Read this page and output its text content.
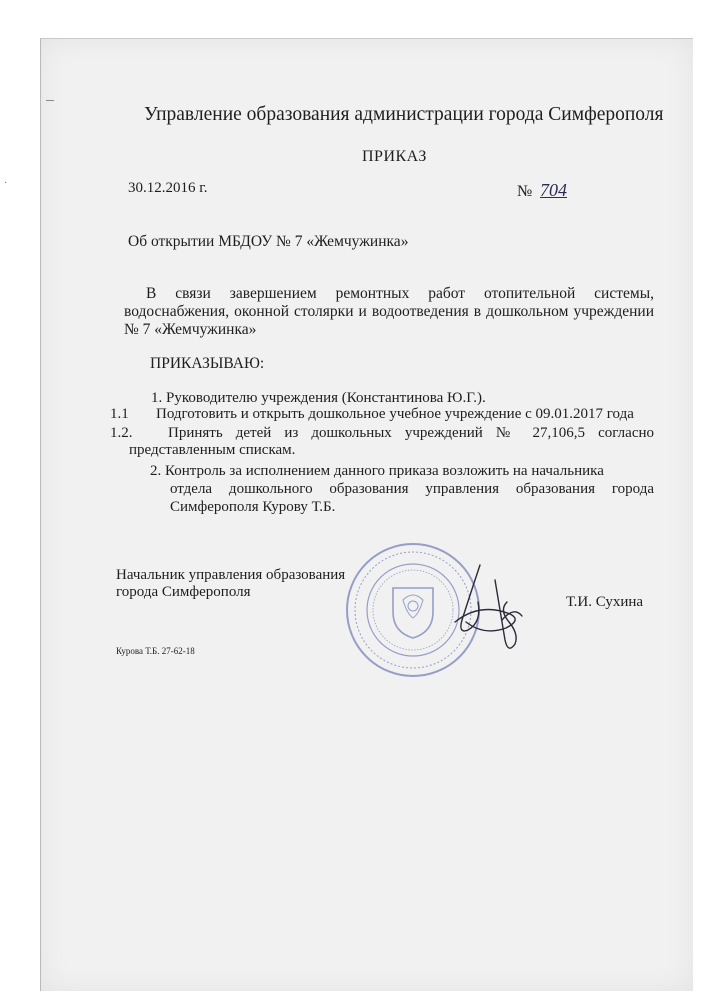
·
Управление образования администрации города Симферополя
ПРИКАЗ
30.12.2016 г.	№ 704
Об открытии МБДОУ № 7 «Жемчужинка»
В связи завершением ремонтных работ отопительной системы, водоснабжения, оконной столярки и водоотведения в дошкольном учреждении № 7 «Жемчужинка»
ПРИКАЗЫВАЮ:
1. Руководителю учреждения (Константинова Ю.Г.).
1.1 Подготовить и открыть дошкольное учебное учреждение с 09.01.2017 года
1.2. Принять детей из дошкольных учреждений № 27,106,5 согласно
представленным спискам.
2. Контроль за исполнением данного приказа возложить на начальника
отдела дошкольного образования управления образования города Симферополя Курову Т.Б.
Начальник управления образования
города Симферополя
Т.И. Сухина
Курова Т.Б. 27-62-18
